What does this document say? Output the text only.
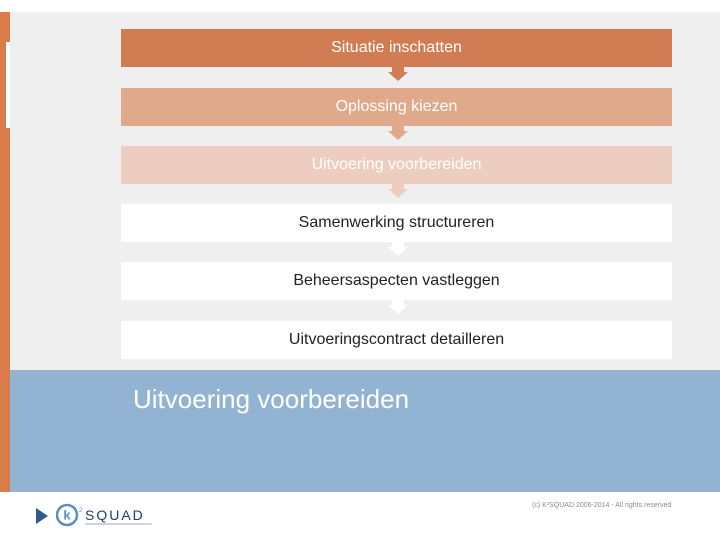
Situatie inschatten
Oplossing kiezen
Uitvoering voorbereiden
Samenwerking structureren
Beheersaspecten vastleggen
Uitvoeringscontract detailleren
Uitvoering voorbereiden
k 2 SQUAD
(c) K²SQUAD 2006-2014 - All rights reserved
